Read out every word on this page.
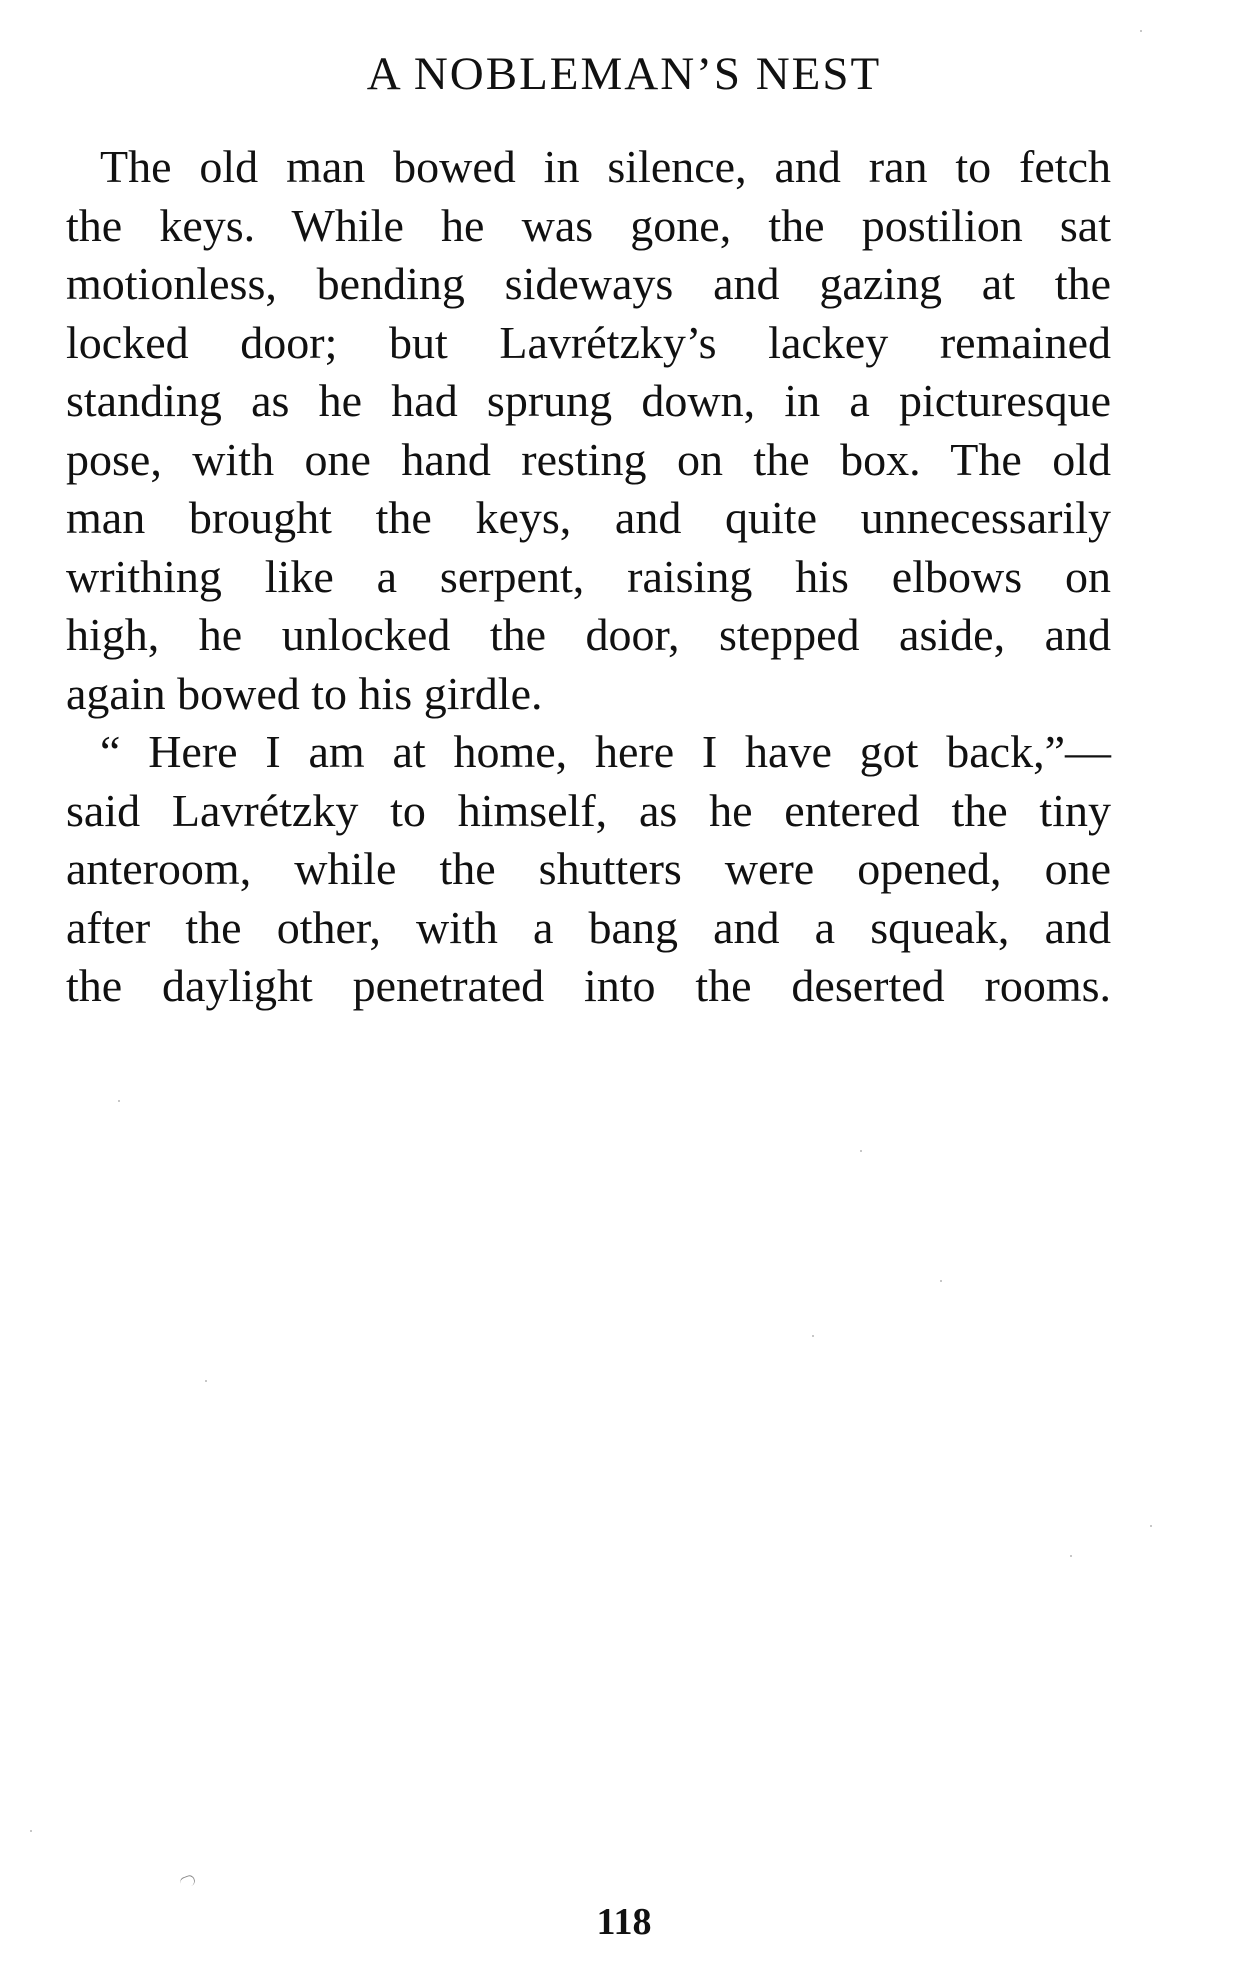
A NOBLEMAN’S NEST
The old man bowed in silence, and ran to fetch
the keys. While he was gone, the postilion sat
motionless, bending sideways and gazing at the
locked door; but Lavrétzky’s lackey remained
standing as he had sprung down, in a picturesque
pose, with one hand resting on the box. The old
man brought the keys, and quite unnecessarily
writhing like a serpent, raising his elbows on
high, he unlocked the door, stepped aside, and
again bowed to his girdle.
“ Here I am at home, here I have got back,”—
said Lavrétzky to himself, as he entered the tiny
anteroom, while the shutters were opened, one
after the other, with a bang and a squeak, and
the daylight penetrated into the deserted rooms.
118
